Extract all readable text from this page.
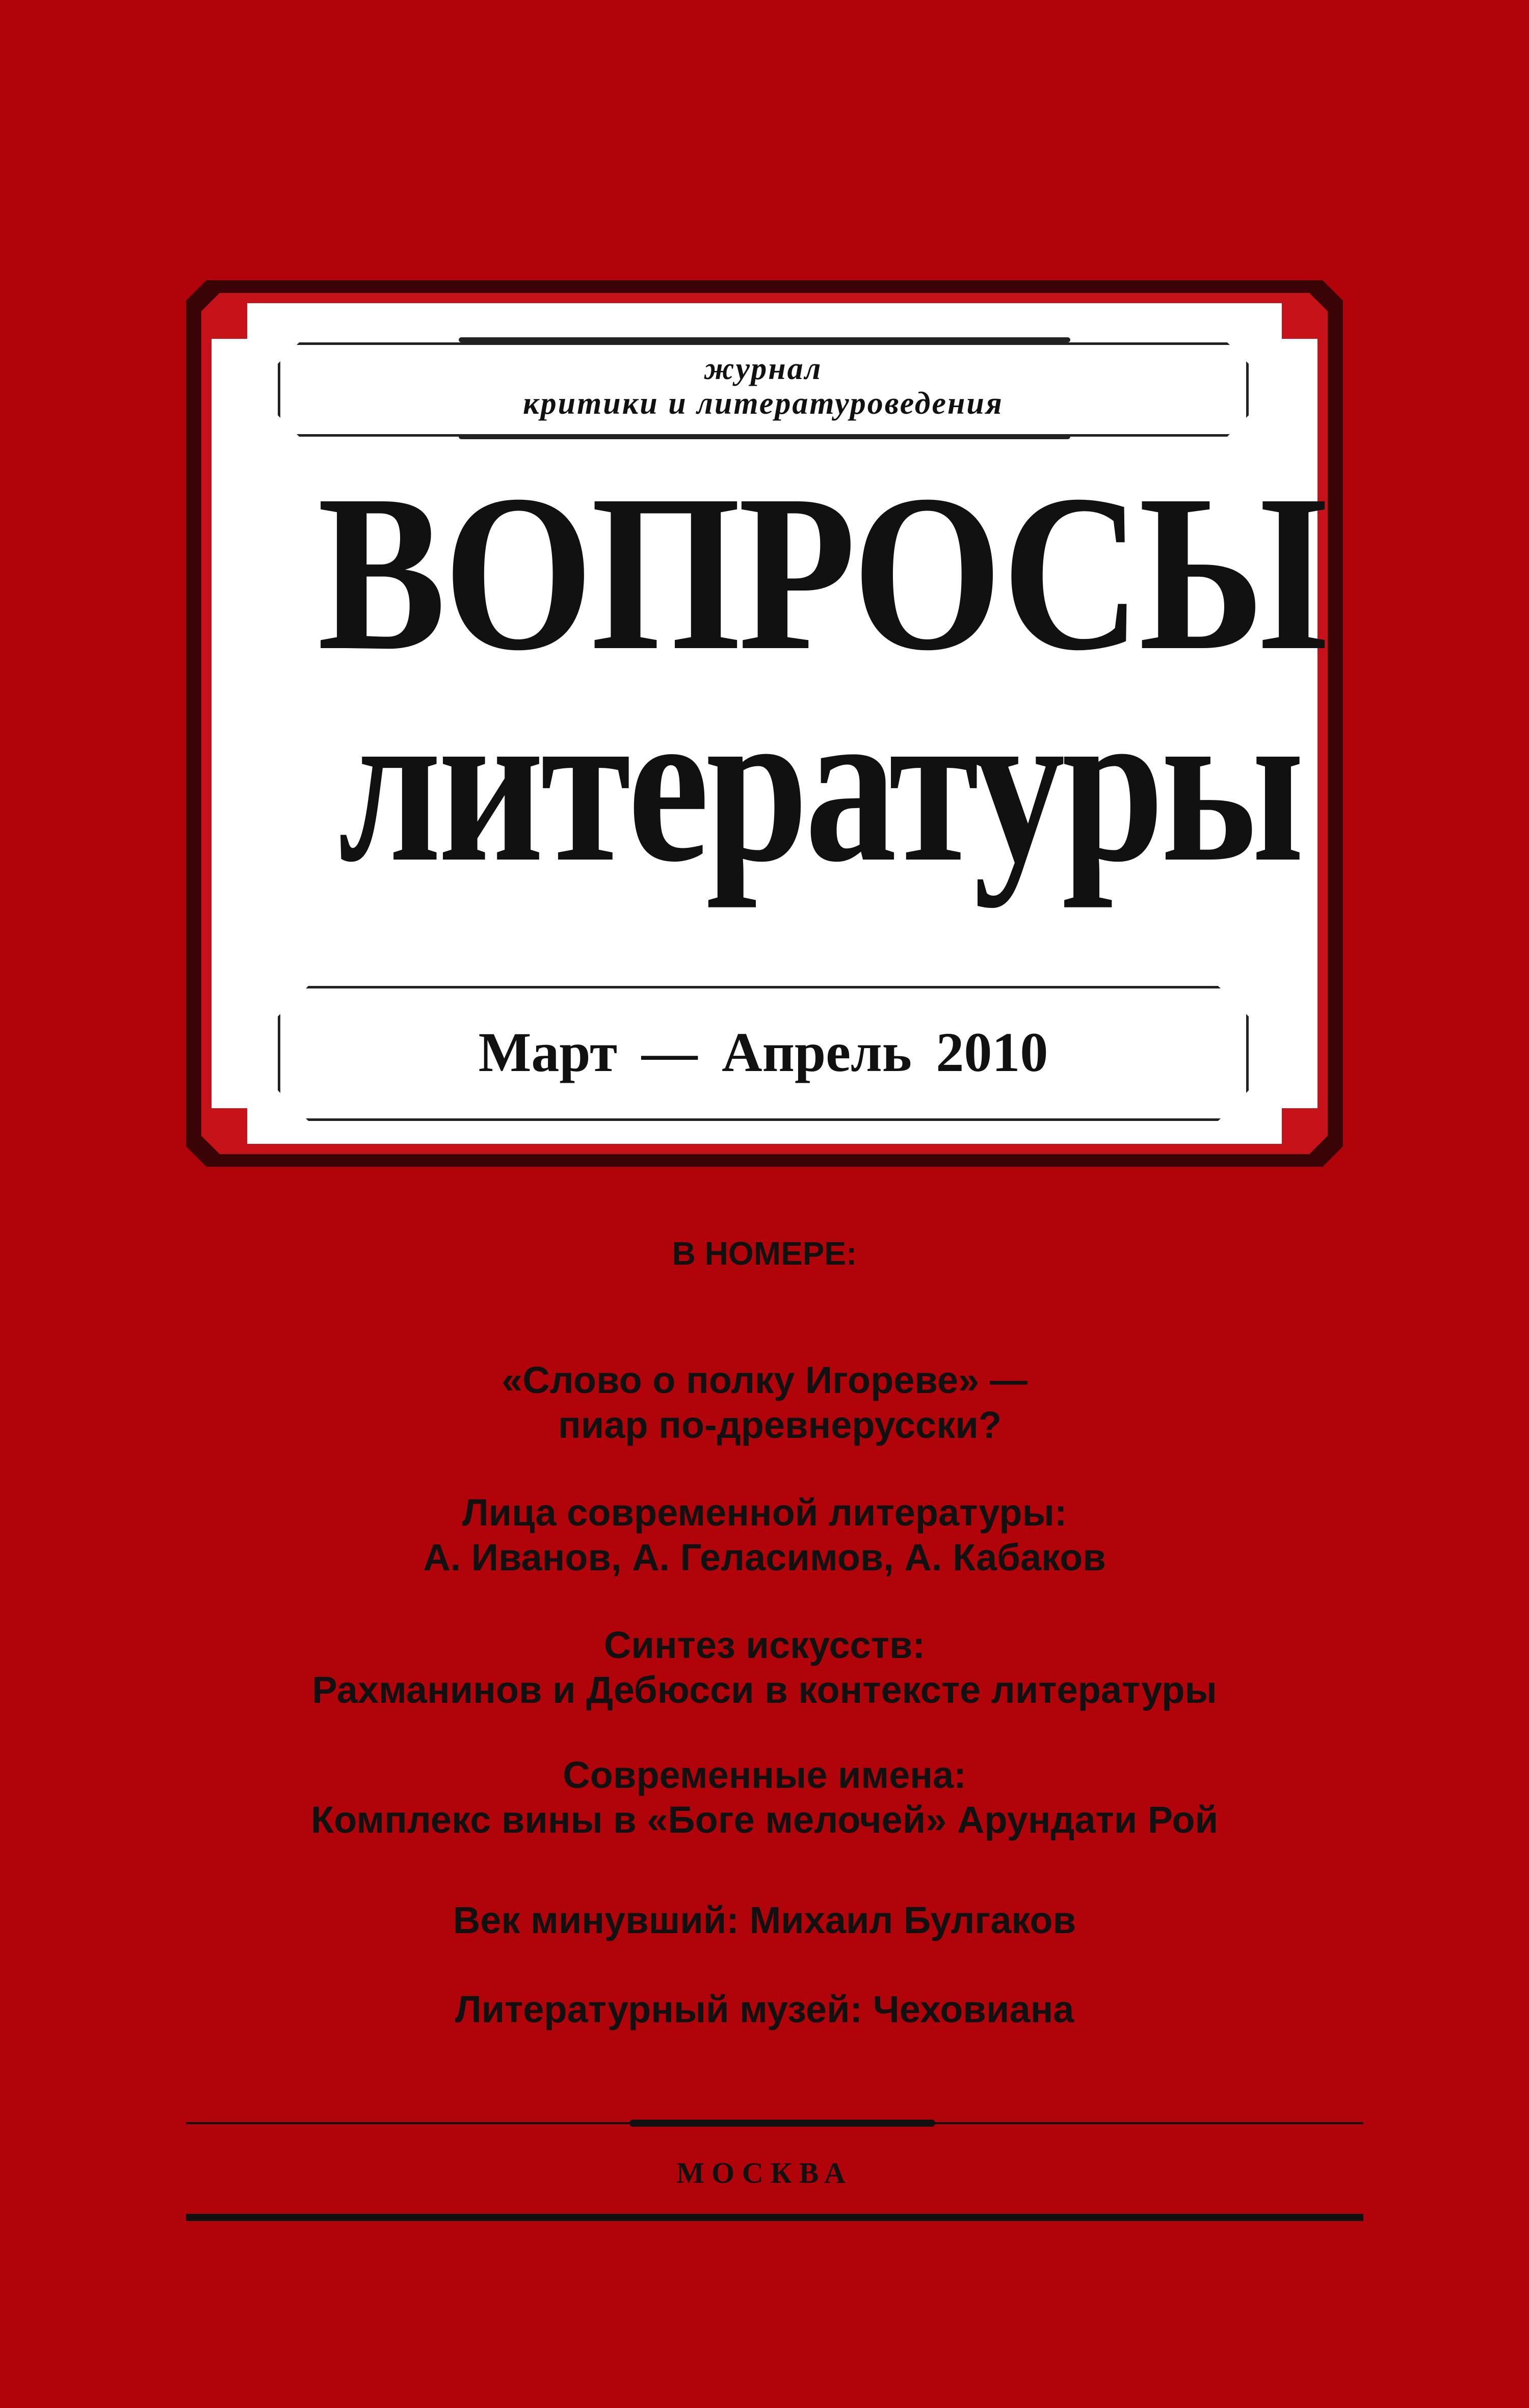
журнал
критики и литературоведения
ВОПРОСЫ
литературы
Март — Апрель 2010
В НОМЕРЕ:
«Слово о полку Игореве» —
пиар по-древнерусски?
Лица современной литературы:
А. Иванов, А. Геласимов, А. Кабаков
Синтез искусств:
Рахманинов и Дебюсси в контексте литературы
Современные имена:
Комплекс вины в «Боге мелочей» Арундати Рой
Век минувший: Михаил Булгаков
Литературный музей: Чеховиана
МОСКВА
